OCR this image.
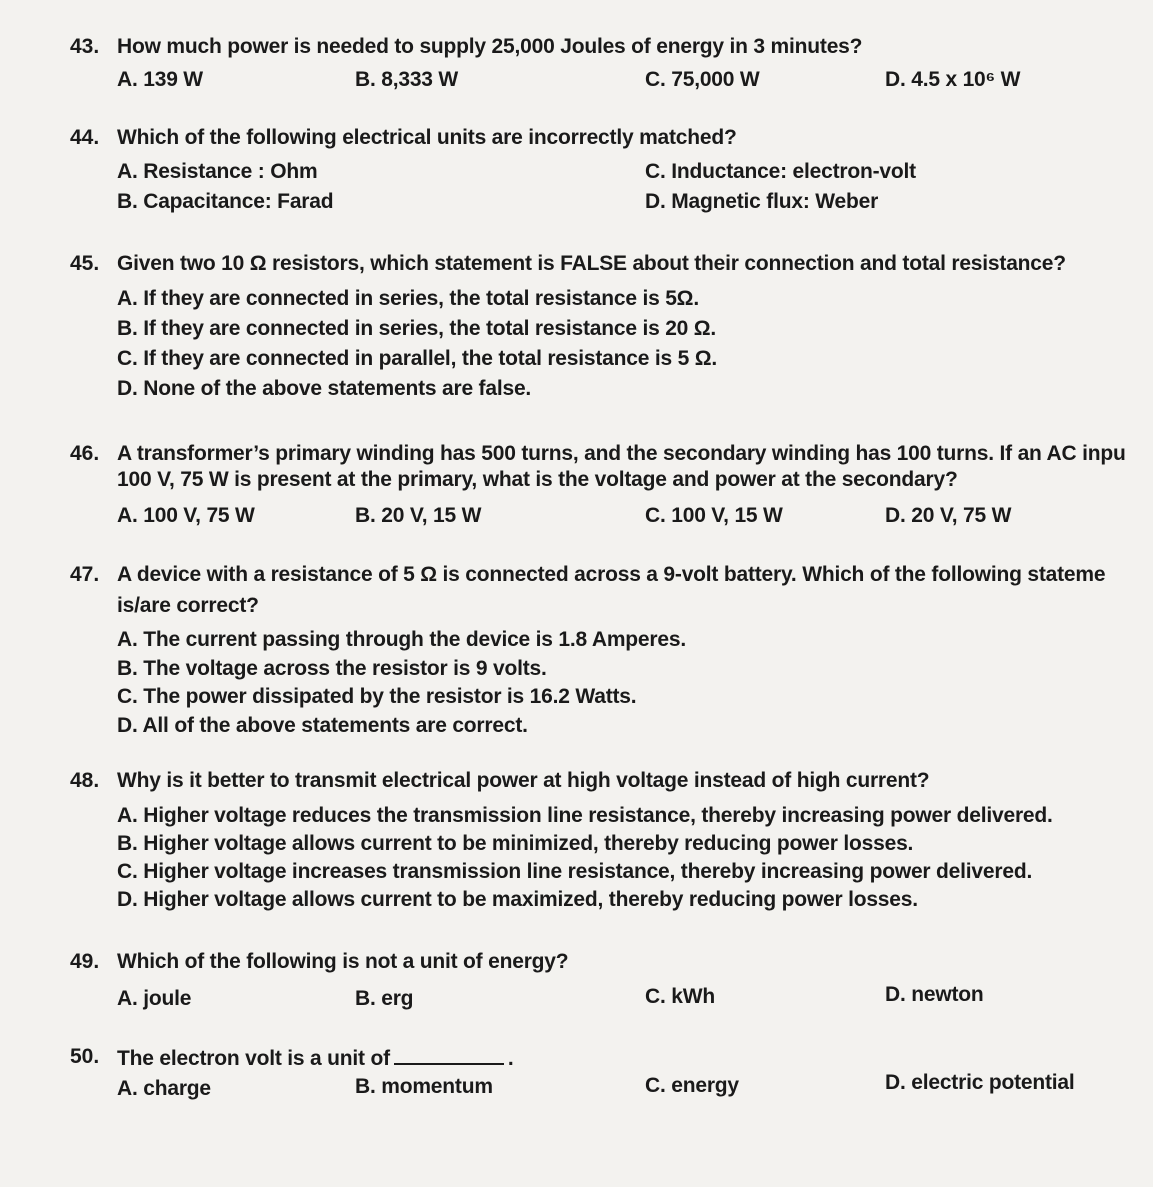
43. How much power is needed to supply 25,000 Joules of energy in 3 minutes?
A. 139 W	B. 8,333 W	C. 75,000 W	D. 4.5 x 10⁶ W
44. Which of the following electrical units are incorrectly matched?
A. Resistance : Ohm	C. Inductance: electron-volt
B. Capacitance: Farad	D. Magnetic flux: Weber
45. Given two 10 Ω resistors, which statement is FALSE about their connection and total resistance?
A. If they are connected in series, the total resistance is 5Ω.
B. If they are connected in series, the total resistance is 20 Ω.
C. If they are connected in parallel, the total resistance is 5 Ω.
D. None of the above statements are false.
46. A transformer’s primary winding has 500 turns, and the secondary winding has 100 turns. If an AC inpu
100 V, 75 W is present at the primary, what is the voltage and power at the secondary?
A. 100 V, 75 W	B. 20 V, 15 W	C. 100 V, 15 W	D. 20 V, 75 W
47. A device with a resistance of 5 Ω is connected across a 9-volt battery. Which of the following stateme
is/are correct?
A. The current passing through the device is 1.8 Amperes.
B. The voltage across the resistor is 9 volts.
C. The power dissipated by the resistor is 16.2 Watts.
D. All of the above statements are correct.
48. Why is it better to transmit electrical power at high voltage instead of high current?
A. Higher voltage reduces the transmission line resistance, thereby increasing power delivered.
B. Higher voltage allows current to be minimized, thereby reducing power losses.
C. Higher voltage increases transmission line resistance, thereby increasing power delivered.
D. Higher voltage allows current to be maximized, thereby reducing power losses.
49. Which of the following is not a unit of energy?
A. joule	B. erg	C. kWh	D. newton
50. The electron volt is a unit of	.
A. charge	B. momentum	C. energy	D. electric potential
